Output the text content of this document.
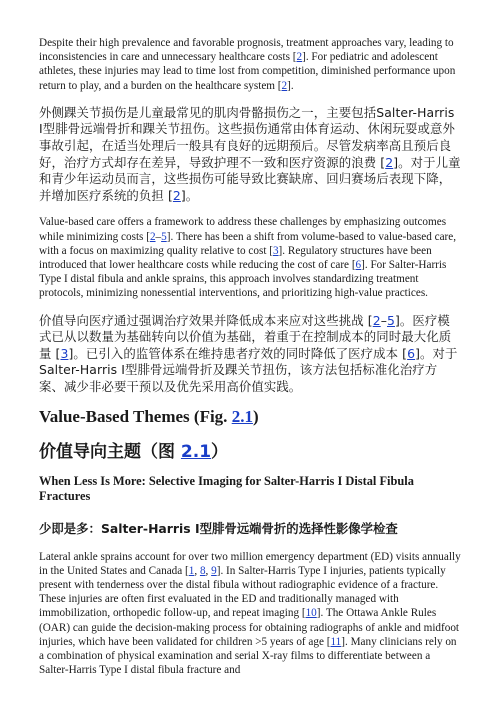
Despite their high prevalence and favorable prognosis, treatment approaches vary, leading to inconsistencies in care and unnecessary healthcare costs [2]. For pediatric and adolescent athletes, these injuries may lead to time lost from competition, diminished performance upon return to play, and a burden on the healthcare system [2].

外侧踝关节损伤是儿童最常见的肌肉骨骼损伤之一，主要包括Salter-Harris I型腓骨远端骨折和踝关节扭伤。这些损伤通常由体育运动、休闲玩耍或意外事故引起，在适当处理后一般具有良好的远期预后。尽管发病率高且预后良好，治疗方式却存在差异，导致护理不一致和医疗资源的浪费 [2]。对于儿童和青少年运动员而言，这些损伤可能导致比赛缺席、回归赛场后表现下降，并增加医疗系统的负担 [2]。

Value-based care offers a framework to address these challenges by emphasizing outcomes while minimizing costs [2–5]. There has been a shift from volume-based to value-based care, with a focus on maximizing quality relative to cost [3]. Regulatory structures have been introduced that lower healthcare costs while reducing the cost of care [6]. For Salter-Harris Type I distal fibula and ankle sprains, this approach involves standardizing treatment protocols, minimizing nonessential interventions, and prioritizing high-value practices.

价值导向医疗通过强调治疗效果并降低成本来应对这些挑战 [2–5]。医疗模式已从以数量为基础转向以价值为基础，着重于在控制成本的同时最大化质量 [3]。已引入的监管体系在维持患者疗效的同时降低了医疗成本 [6]。对于Salter-Harris I型腓骨远端骨折及踝关节扭伤，该方法包括标准化治疗方案、减少非必要干预以及优先采用高价值实践。

Value-Based Themes (Fig. 2.1)
价值导向主题（图 2.1）
When Less Is More: Selective Imaging for Salter-Harris I Distal Fibula Fractures
少即是多：Salter-Harris I型腓骨远端骨折的选择性影像学检查

Lateral ankle sprains account for over two million emergency department (ED) visits annually in the United States and Canada [1, 8, 9]. In Salter-Harris Type I injuries, patients typically present with tenderness over the distal fibula without radiographic evidence of a fracture. These injuries are often first evaluated in the ED and traditionally managed with immobilization, orthopedic follow-up, and repeat imaging [10]. The Ottawa Ankle Rules (OAR) can guide the decision-making process for obtaining radiographs of ankle and midfoot injuries, which have been validated for children >5 years of age [11]. Many clinicians rely on a combination of physical examination and serial X-ray films to differentiate between a Salter-Harris Type I distal fibula fracture and
